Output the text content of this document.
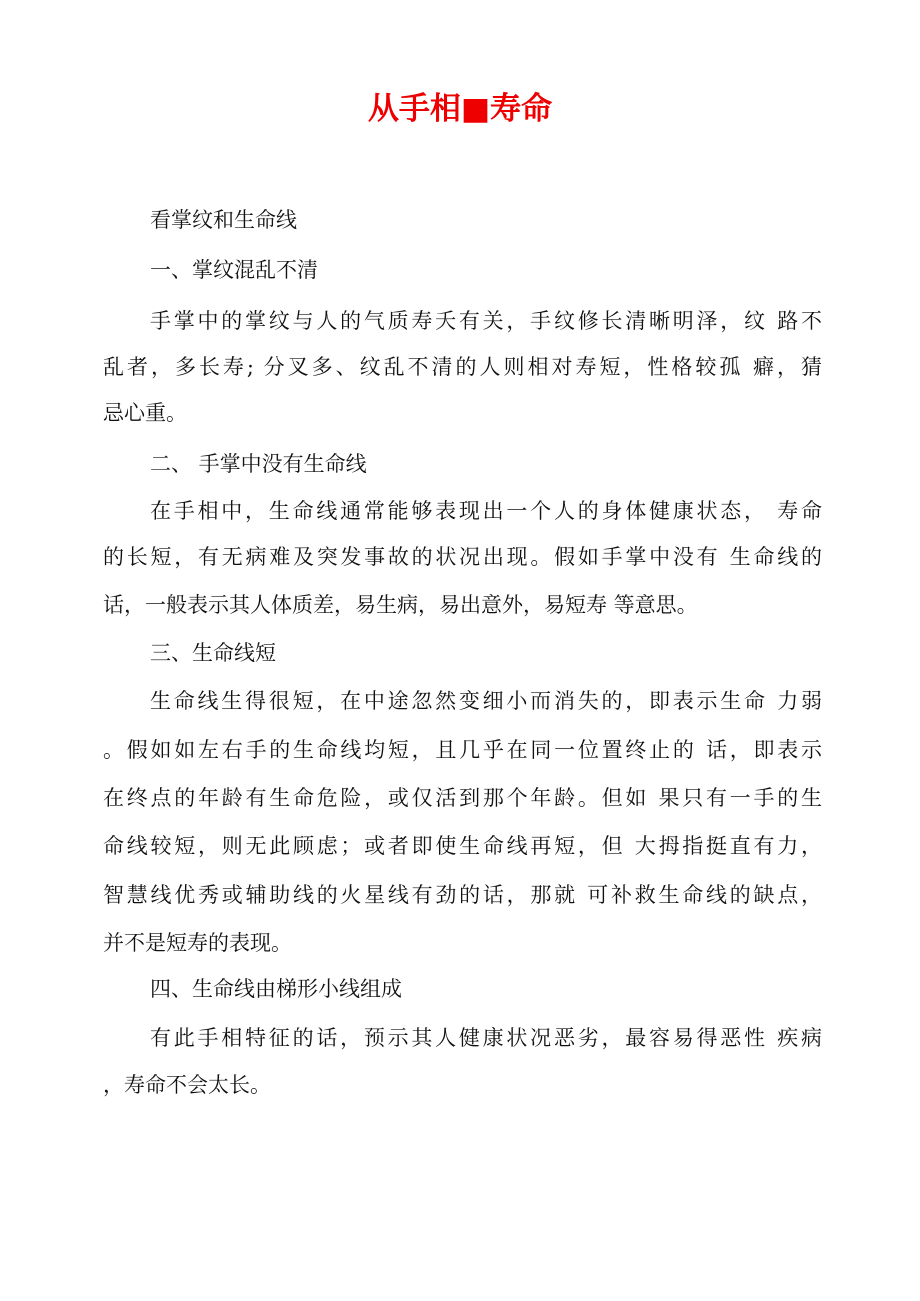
从手相■寿命
看掌纹和生命线
一、掌纹混乱不清
手掌中的掌纹与人的气质寿夭有关，手纹修长清晰明泽，纹 路不
乱者，多长寿; 分叉多、纹乱不清的人则相对寿短，性格较孤 癖，猜
忌心重。
二、 手掌中没有生命线
在手相中，生命线通常能够表现出一个人的身体健康状态， 寿命
的长短，有无病难及突发事故的状况出现。假如手掌中没有 生命线的
话，一般表示其人体质差，易生病，易出意外，易短寿 等意思。
三、生命线短
生命线生得很短，在中途忽然变细小而消失的，即表示生命 力弱
。假如如左右手的生命线均短，且几乎在同一位置终止的 话，即表示
在终点的年龄有生命危险，或仅活到那个年龄。但如 果只有一手的生
命线较短，则无此顾虑；或者即使生命线再短，但 大拇指挺直有力，
智慧线优秀或辅助线的火星线有劲的话，那就 可补救生命线的缺点，
并不是短寿的表现。
四、生命线由梯形小线组成
有此手相特征的话，预示其人健康状况恶劣，最容易得恶性 疾病
，寿命不会太长。
